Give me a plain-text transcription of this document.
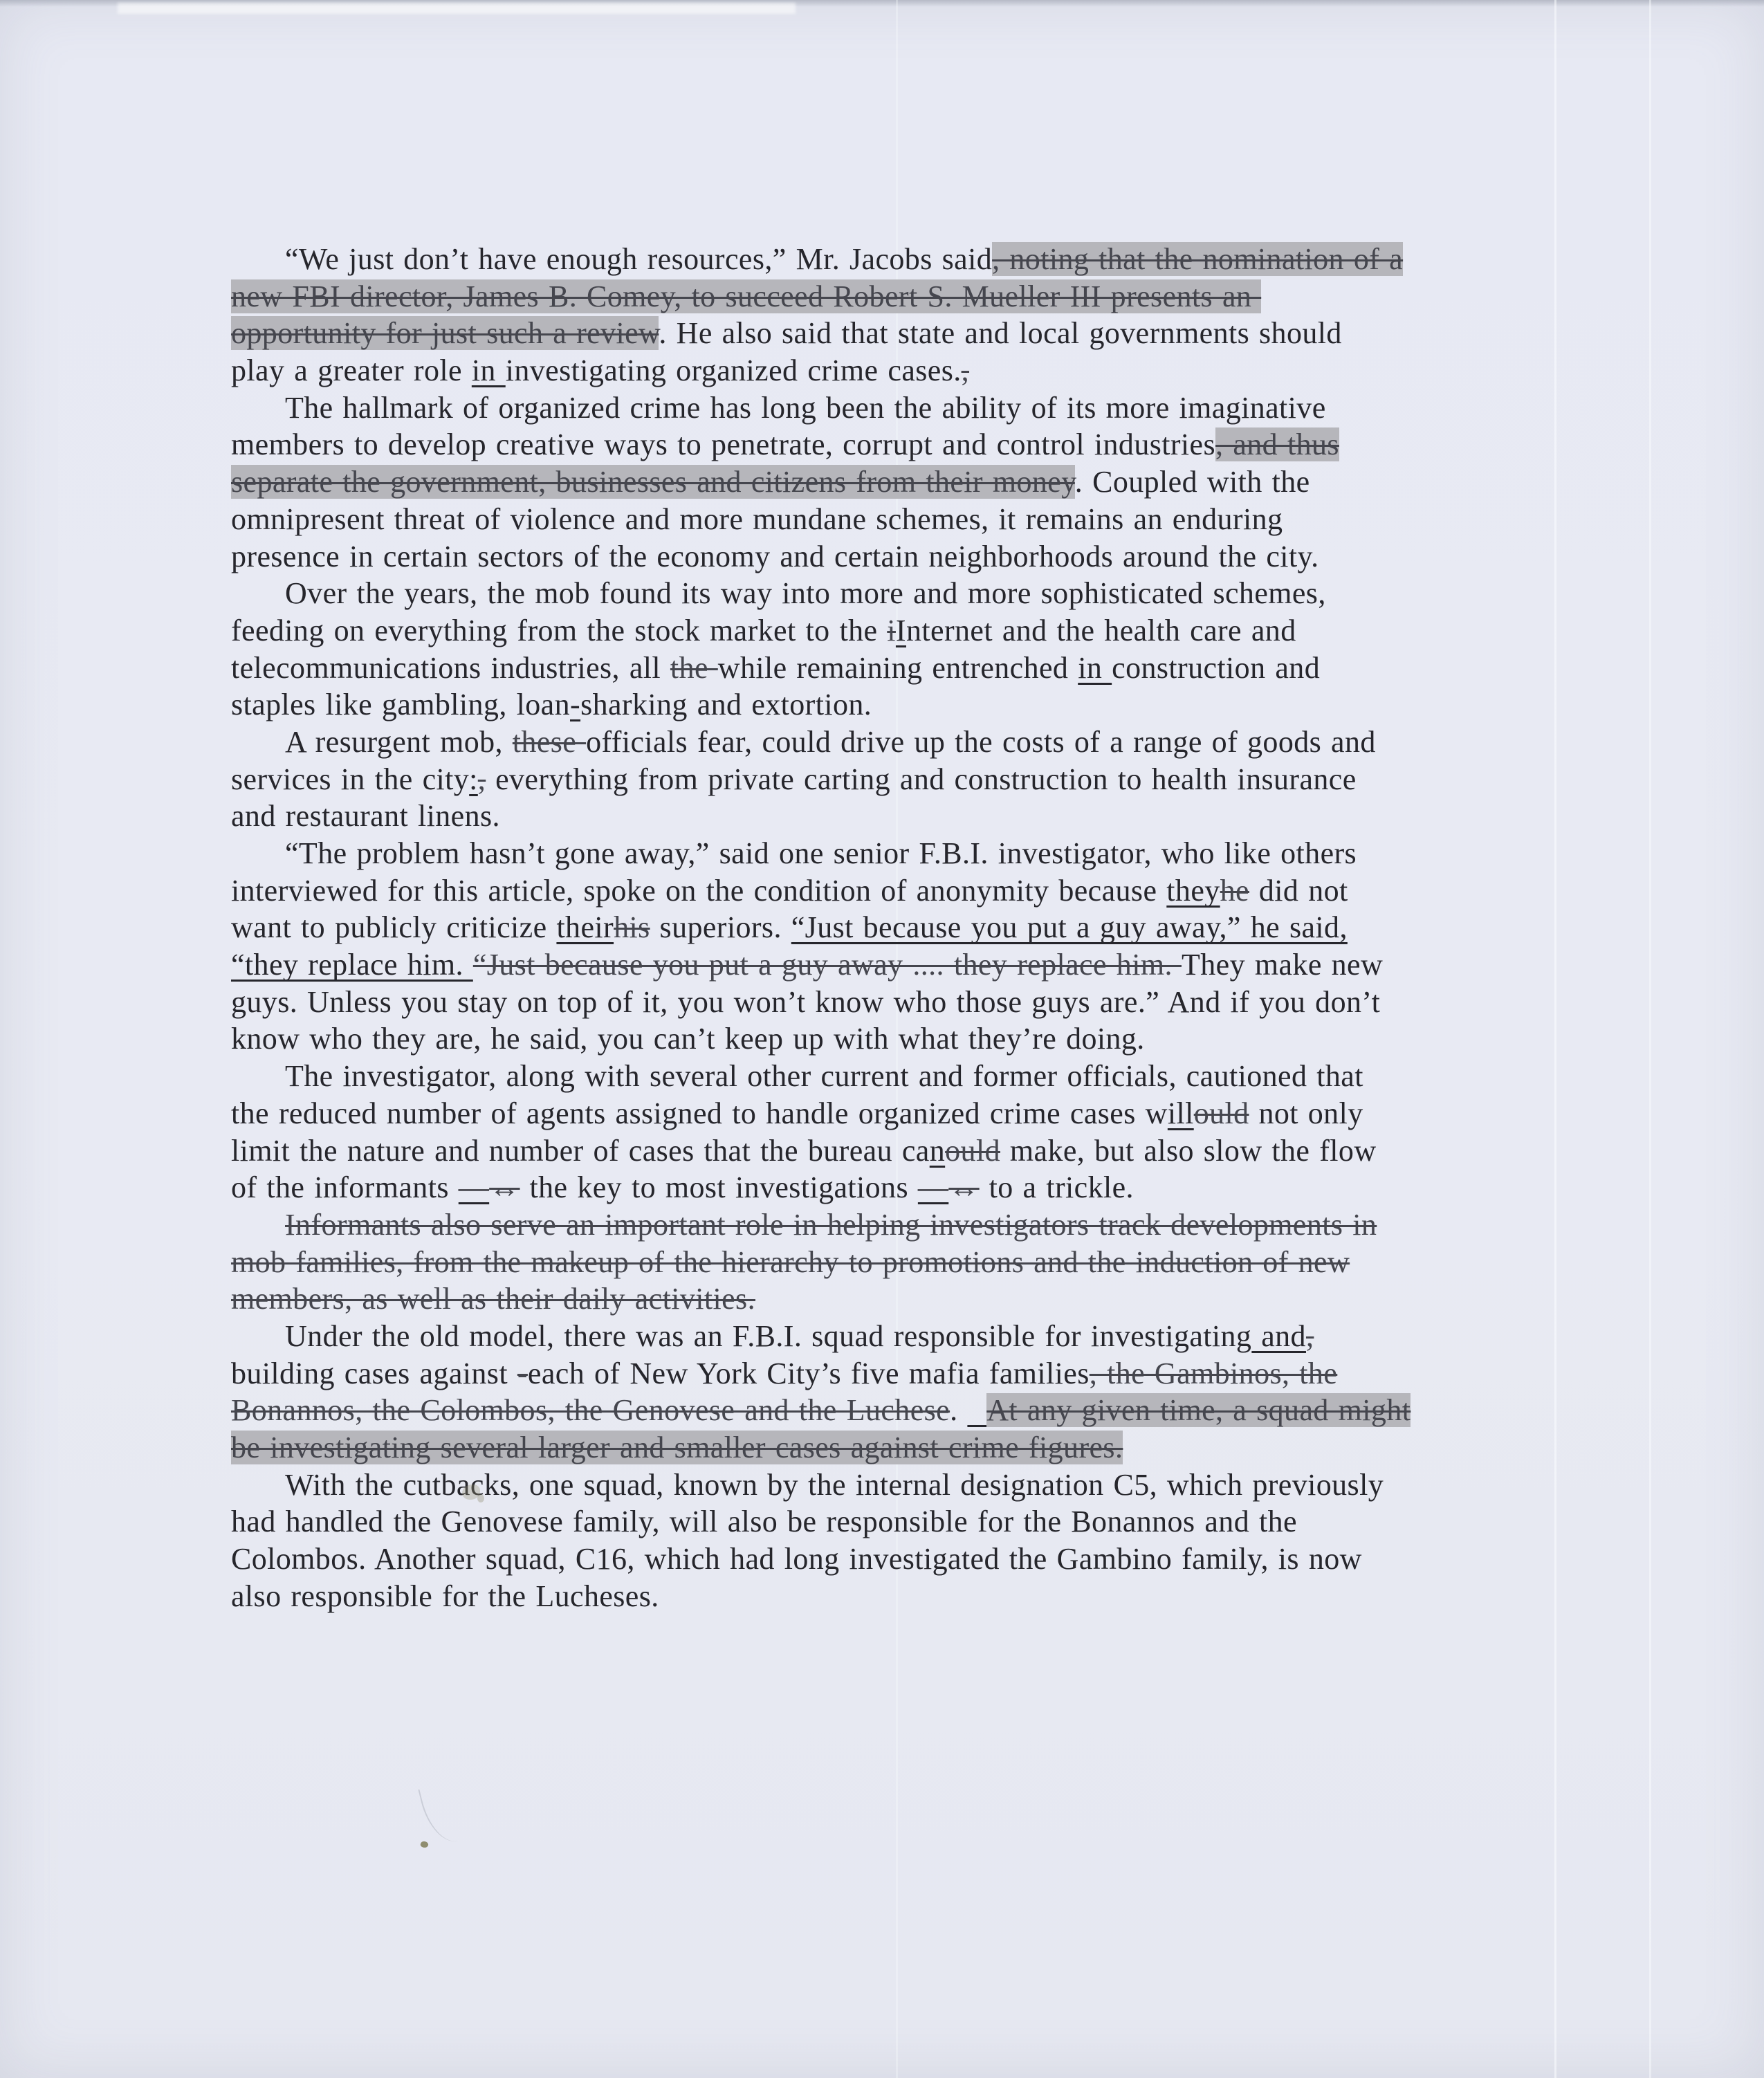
“We just don’t have enough resources,” Mr. Jacobs said, noting that the nomination of a
new FBI director, James B. Comey, to succeed Robert S. Mueller III presents an
opportunity for just such a review. He also said that state and local governments should
play a greater role in investigating organized crime cases.,
The hallmark of organized crime has long been the ability of its more imaginative
members to develop creative ways to penetrate, corrupt and control industries, and thus
separate the government, businesses and citizens from their money. Coupled with the
omnipresent threat of violence and more mundane schemes, it remains an enduring
presence in certain sectors of the economy and certain neighborhoods around the city.
Over the years, the mob found its way into more and more sophisticated schemes,
feeding on everything from the stock market to the iInternet and the health care and
telecommunications industries, all the while remaining entrenched in construction and
staples like gambling, loan-sharking and extortion.
A resurgent mob, these officials fear, could drive up the costs of a range of goods and
services in the city:, everything from private carting and construction to health insurance
and restaurant linens.
“The problem hasn’t gone away,” said one senior F.B.I. investigator, who like others
interviewed for this article, spoke on the condition of anonymity because theyhe did not
want to publicly criticize theirhis superiors. “Just because you put a guy away,” he said,
“they replace him. “Just because you put a guy away .... they replace him. They make new
guys. Unless you stay on top of it, you won’t know who those guys are.” And if you don’t
know who they are, he said, you can’t keep up with what they’re doing.
The investigator, along with several other current and former officials, cautioned that
the reduced number of agents assigned to handle organized crime cases willould not only
limit the nature and number of cases that the bureau canould make, but also slow the flow
of the informants —↔ the key to most investigations —↔ to a trickle.
Informants also serve an important role in helping investigators track developments in
mob families, from the makeup of the hierarchy to promotions and the induction of new
members, as well as their daily activities.
Under the old model, there was an F.B.I. squad responsible for investigating and,
building cases against -each of New York City’s five mafia families, the Gambinos, the
Bonannos, the Colombos, the Genovese and the Luchese.   At any given time, a squad might
be investigating several larger and smaller cases against crime figures.
With the cutbacks, one squad, known by the internal designation C5, which previously
had handled the Genovese family, will also be responsible for the Bonannos and the
Colombos. Another squad, C16, which had long investigated the Gambino family, is now
also responsible for the Lucheses.
